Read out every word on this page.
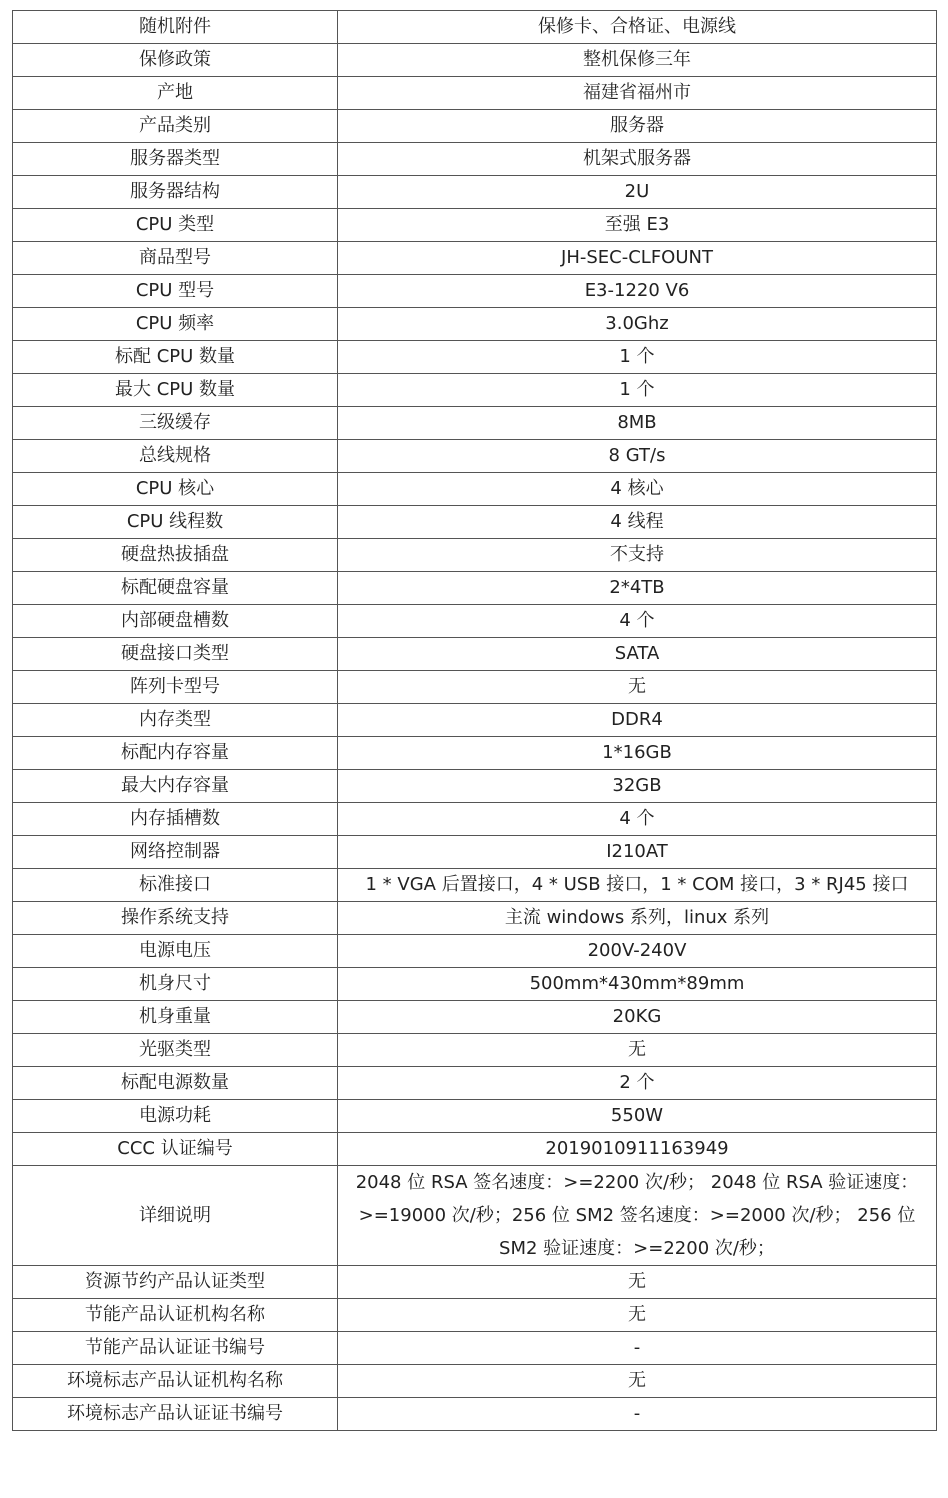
随机附件	保修卡、合格证、电源线
保修政策	整机保修三年
产地	福建省福州市
产品类别	服务器
服务器类型	机架式服务器
服务器结构	2U
CPU 类型	至强 E3
商品型号	JH-SEC-CLFOUNT
CPU 型号	E3-1220 V6
CPU 频率	3.0Ghz
标配 CPU 数量	1 个
最大 CPU 数量	1 个
三级缓存	8MB
总线规格	8 GT/s
CPU 核心	4 核心
CPU 线程数	4 线程
硬盘热拔插盘	不支持
标配硬盘容量	2*4TB
内部硬盘槽数	4 个
硬盘接口类型	SATA
阵列卡型号	无
内存类型	DDR4
标配内存容量	1*16GB
最大内存容量	32GB
内存插槽数	4 个
网络控制器	I210AT
标准接口	1 * VGA 后置接口，4 * USB 接口，1 * COM 接口，3 * RJ45 接口
操作系统支持	主流 windows 系列，linux 系列
电源电压	200V-240V
机身尺寸	500mm*430mm*89mm
机身重量	20KG
光驱类型	无
标配电源数量	2 个
电源功耗	550W
CCC 认证编号	2019010911163949
详细说明	2048 位 RSA 签名速度：>=2200 次/秒； 2048 位 RSA 验证速度：>=19000 次/秒；256 位 SM2 签名速度：>=2000 次/秒； 256 位 SM2 验证速度：>=2200 次/秒；
资源节约产品认证类型	无
节能产品认证机构名称	无
节能产品认证证书编号	-
环境标志产品认证机构名称	无
环境标志产品认证证书编号	-
